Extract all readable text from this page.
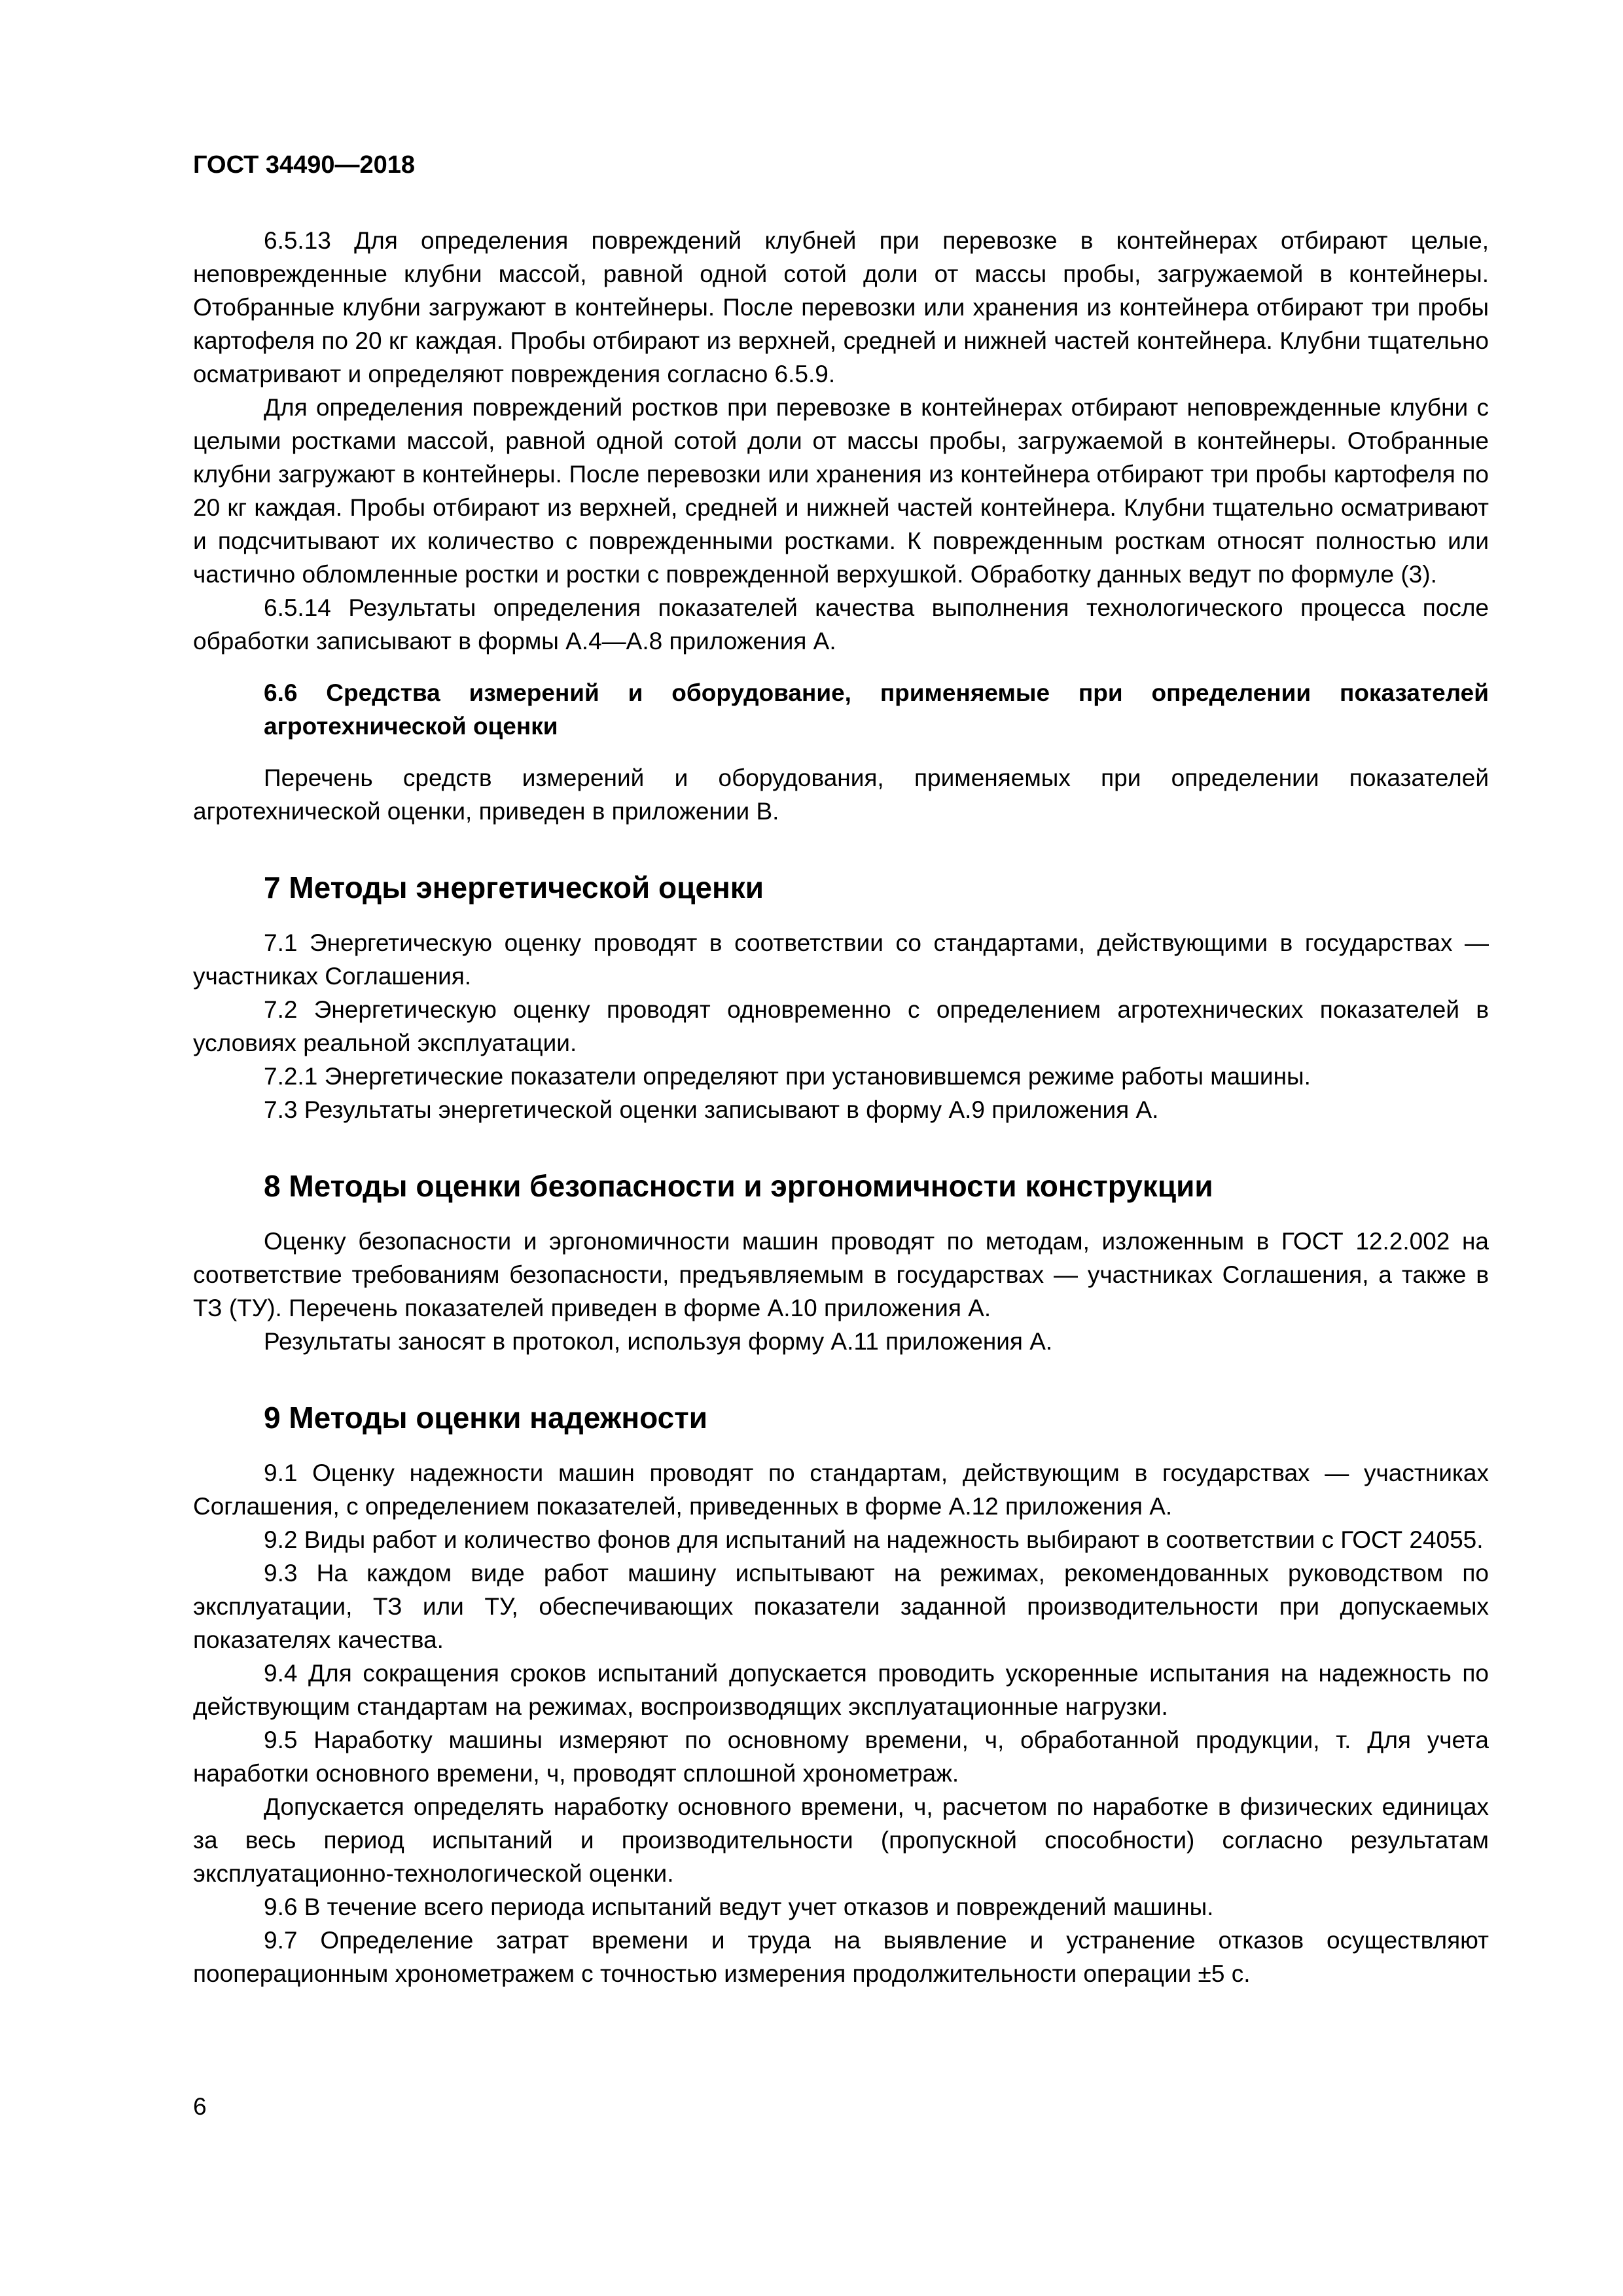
ГОСТ 34490—2018

6.5.13 Для определения повреждений клубней при перевозке в контейнерах отбирают целые, неповрежденные клубни массой, равной одной сотой доли от массы пробы, загружаемой в контейнеры. Отобранные клубни загружают в контейнеры. После перевозки или хранения из контейнера отбирают три пробы картофеля по 20 кг каждая. Пробы отбирают из верхней, средней и нижней частей контейнера. Клубни тщательно осматривают и определяют повреждения согласно 6.5.9.

Для определения повреждений ростков при перевозке в контейнерах отбирают неповрежденные клубни с целыми ростками массой, равной одной сотой доли от массы пробы, загружаемой в контейнеры. Отобранные клубни загружают в контейнеры. После перевозки или хранения из контейнера отбирают три пробы картофеля по 20 кг каждая. Пробы отбирают из верхней, средней и нижней частей контейнера. Клубни тщательно осматривают и подсчитывают их количество с поврежденными ростками. К поврежденным росткам относят полностью или частично обломленные ростки и ростки с поврежденной верхушкой. Обработку данных ведут по формуле (3).

6.5.14 Результаты определения показателей качества выполнения технологического процесса после обработки записывают в формы А.4—А.8 приложения А.

6.6 Средства измерений и оборудование, применяемые при определении показателей агротехнической оценки

Перечень средств измерений и оборудования, применяемых при определении показателей агротехнической оценки, приведен в приложении В.

7 Методы энергетической оценки

7.1 Энергетическую оценку проводят в соответствии со стандартами, действующими в государствах — участниках Соглашения.

7.2 Энергетическую оценку проводят одновременно с определением агротехнических показателей в условиях реальной эксплуатации.

7.2.1 Энергетические показатели определяют при установившемся режиме работы машины.

7.3 Результаты энергетической оценки записывают в форму А.9 приложения А.

8 Методы оценки безопасности и эргономичности конструкции

Оценку безопасности и эргономичности машин проводят по методам, изложенным в ГОСТ 12.2.002 на соответствие требованиям безопасности, предъявляемым в государствах — участниках Соглашения, а также в ТЗ (ТУ). Перечень показателей приведен в форме А.10 приложения А.

Результаты заносят в протокол, используя форму А.11 приложения А.

9 Методы оценки надежности

9.1 Оценку надежности машин проводят по стандартам, действующим в государствах — участниках Соглашения, с определением показателей, приведенных в форме А.12 приложения А.

9.2 Виды работ и количество фонов для испытаний на надежность выбирают в соответствии с ГОСТ 24055.

9.3 На каждом виде работ машину испытывают на режимах, рекомендованных руководством по эксплуатации, ТЗ или ТУ, обеспечивающих показатели заданной производительности при допускаемых показателях качества.

9.4 Для сокращения сроков испытаний допускается проводить ускоренные испытания на надежность по действующим стандартам на режимах, воспроизводящих эксплуатационные нагрузки.

9.5 Наработку машины измеряют по основному времени, ч, обработанной продукции, т. Для учета наработки основного времени, ч, проводят сплошной хронометраж.

Допускается определять наработку основного времени, ч, расчетом по наработке в физических единицах за весь период испытаний и производительности (пропускной способности) согласно результатам эксплуатационно-технологической оценки.

9.6 В течение всего периода испытаний ведут учет отказов и повреждений машины.

9.7 Определение затрат времени и труда на выявление и устранение отказов осуществляют пооперационным хронометражем с точностью измерения продолжительности операции ±5 с.

6
